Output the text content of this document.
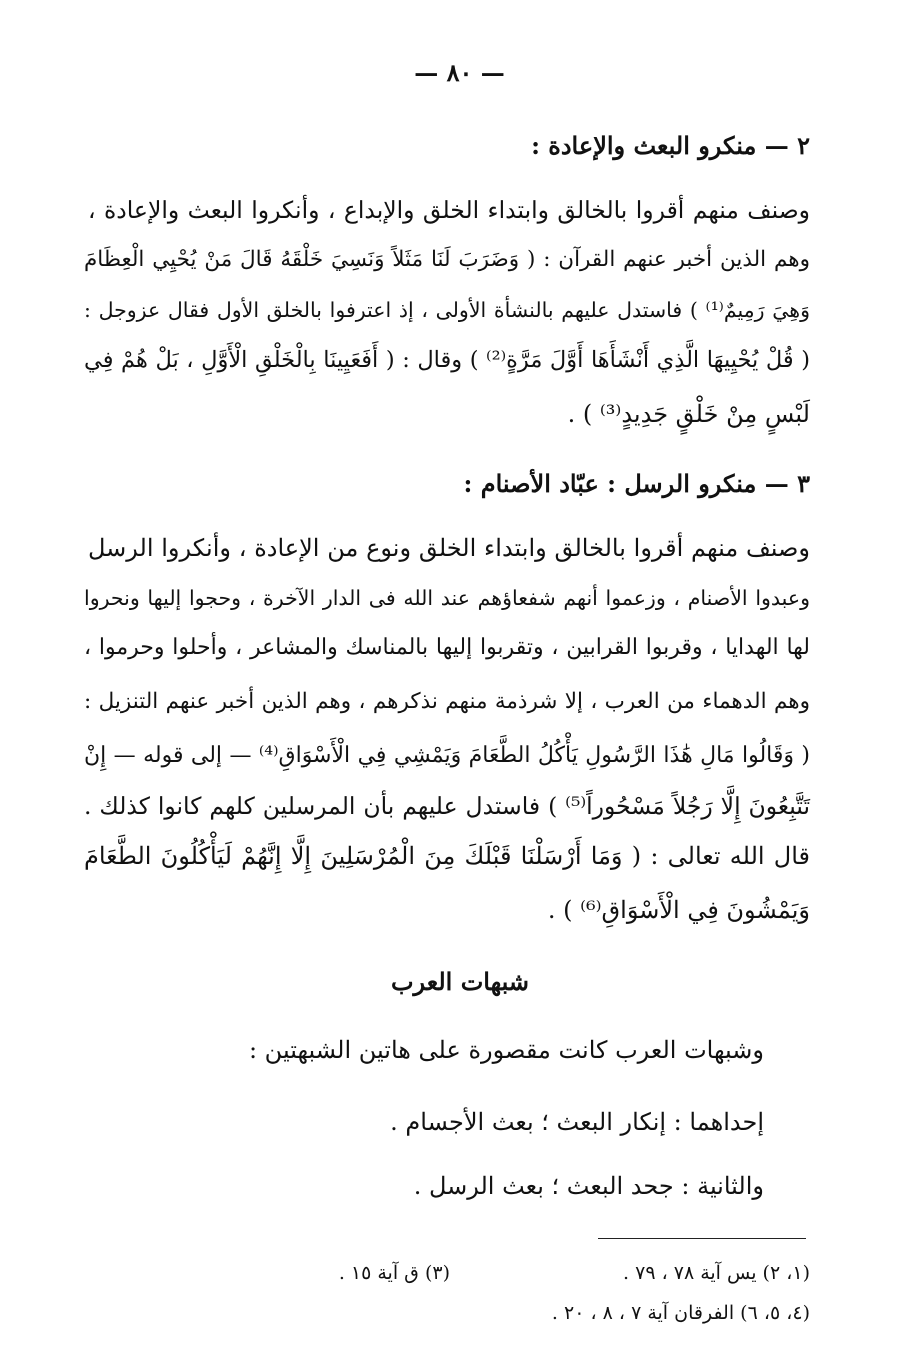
— ٨٠ —
٢ — منكرو البعث والإعادة :
وصنف منهم أقروا بالخالق وابتداء الخلق والإبداع ، وأنكروا البعث والإعادة ،
وهم الذين أخبر عنهم القرآن : ( وَضَرَبَ لَنَا مَثَلاً وَنَسِيَ خَلْقَهُ قَالَ مَنْ يُحْيِي الْعِظَامَ
وَهِيَ رَمِيمٌ⁽¹⁾ ) فاستدل عليهم بالنشأة الأولى ، إذ اعترفوا بالخلق الأول فقال عزوجل :
( قُلْ يُحْيِيهَا الَّذِي أَنْشَأَهَا أَوَّلَ مَرَّةٍ⁽²⁾ ) وقال : ( أَفَعَيِينَا بِالْخَلْقِ الْأَوَّلِ ، بَلْ هُمْ فِي
لَبْسٍ مِنْ خَلْقٍ جَدِيدٍ⁽³⁾ ) .
٣ — منكرو الرسل : عبّاد الأصنام :
وصنف منهم أقروا بالخالق وابتداء الخلق ونوع من الإعادة ، وأنكروا الرسل
وعبدوا الأصنام ، وزعموا أنهم شفعاؤهم عند الله فى الدار الآخرة ، وحجوا إليها ونحروا
لها الهدايا ، وقربوا القرابين ، وتقربوا إليها بالمناسك والمشاعر ، وأحلوا وحرموا ،
وهم الدهماء من العرب ، إلا شرذمة منهم نذكرهم ، وهم الذين أخبر عنهم التنزيل :
( وَقَالُوا مَالِ هَٰذَا الرَّسُولِ يَأْكُلُ الطَّعَامَ وَيَمْشِي فِي الْأَسْوَاقِ⁽⁴⁾ — إلى قوله — إِنْ
تَتَّبِعُونَ إِلَّا رَجُلاً مَسْحُوراً⁽⁵⁾ ) فاستدل عليهم بأن المرسلين كلهم كانوا كذلك .
قال الله تعالى : ( وَمَا أَرْسَلْنَا قَبْلَكَ مِنَ الْمُرْسَلِينَ إِلَّا إِنَّهُمْ لَيَأْكُلُونَ الطَّعَامَ
وَيَمْشُونَ فِي الْأَسْوَاقِ⁽⁶⁾ ) .
شبهات العرب
وشبهات العرب كانت مقصورة على هاتين الشبهتين :
إحداهما : إنكار البعث ؛ بعث الأجسام .
والثانية : جحد البعث ؛ بعث الرسل .
(١، ٢) يس آية ٧٨ ، ٧٩ .
(٣) ق آية ١٥ .
(٤، ٥، ٦) الفرقان آية ٧ ، ٨ ، ٢٠ .
